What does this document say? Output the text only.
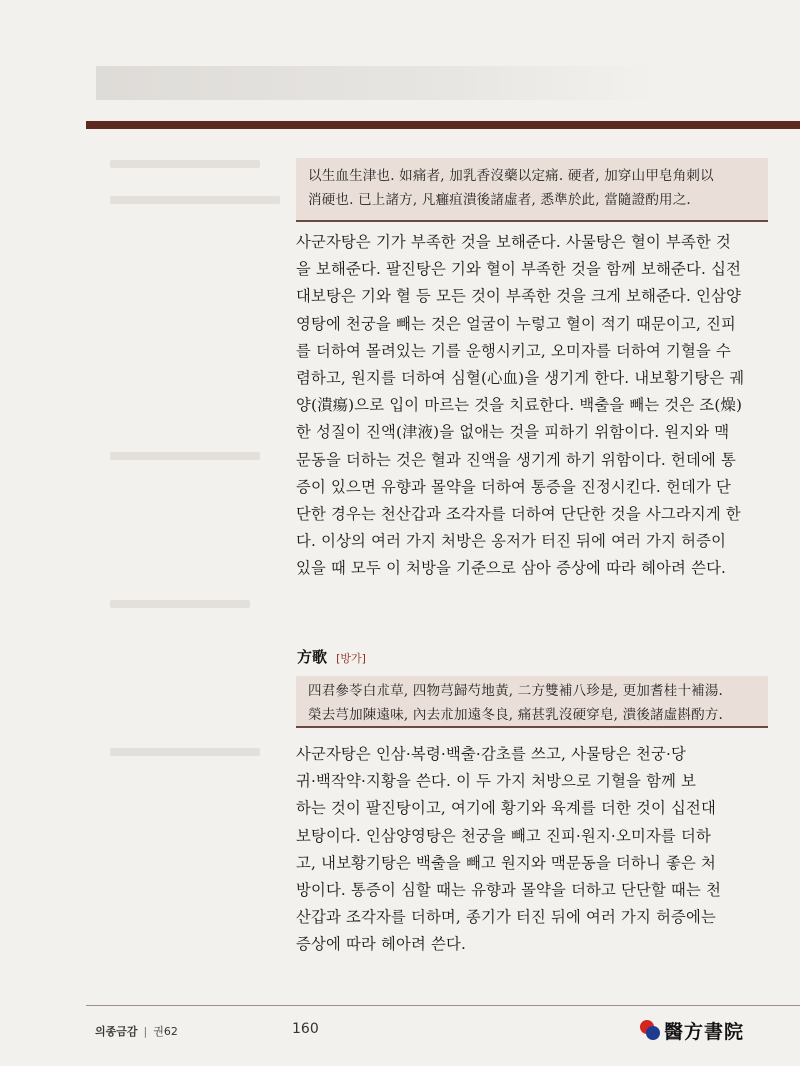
以生血生津也. 如痛者, 加乳香沒藥以定痛. 硬者, 加穿山甲皂角刺以
消硬也. 已上諸方, 凡癰疽潰後諸虛者, 悉準於此, 當隨證酌用之.
사군자탕은 기가 부족한 것을 보해준다. 사물탕은 혈이 부족한 것
을 보해준다. 팔진탕은 기와 혈이 부족한 것을 함께 보해준다. 십전
대보탕은 기와 혈 등 모든 것이 부족한 것을 크게 보해준다. 인삼양
영탕에 천궁을 빼는 것은 얼굴이 누렇고 혈이 적기 때문이고, 진피
를 더하여 몰려있는 기를 운행시키고, 오미자를 더하여 기혈을 수
렴하고, 원지를 더하여 심혈(心血)을 생기게 한다. 내보황기탕은 궤
양(潰瘍)으로 입이 마르는 것을 치료한다. 백출을 빼는 것은 조(燥)
한 성질이 진액(津液)을 없애는 것을 피하기 위함이다. 원지와 맥
문동을 더하는 것은 혈과 진액을 생기게 하기 위함이다. 헌데에 통
증이 있으면 유향과 몰약을 더하여 통증을 진정시킨다. 헌데가 단
단한 경우는 천산갑과 조각자를 더하여 단단한 것을 사그라지게 한
다. 이상의 여러 가지 처방은 옹저가 터진 뒤에 여러 가지 허증이
있을 때 모두 이 처방을 기준으로 삼아 증상에 따라 헤아려 쓴다.
方歌 [방가]
四君參苓白朮草, 四物芎歸芍地黃, 二方雙補八珍是, 更加耆桂十補湯.
榮去芎加陳遠味, 內去朮加遠冬良, 痛甚乳沒硬穿皂, 潰後諸虛斟酌方.
사군자탕은 인삼·복령·백출·감초를 쓰고, 사물탕은 천궁·당
귀·백작약·지황을 쓴다. 이 두 가지 처방으로 기혈을 함께 보
하는 것이 팔진탕이고, 여기에 황기와 육계를 더한 것이 십전대
보탕이다. 인삼양영탕은 천궁을 빼고 진피·원지·오미자를 더하
고, 내보황기탕은 백출을 빼고 원지와 맥문동을 더하니 좋은 처
방이다. 통증이 심할 때는 유향과 몰약을 더하고 단단할 때는 천
산갑과 조각자를 더하며, 종기가 터진 뒤에 여러 가지 허증에는
증상에 따라 헤아려 쓴다.
의종금감 | 권62	160	醫方書院
